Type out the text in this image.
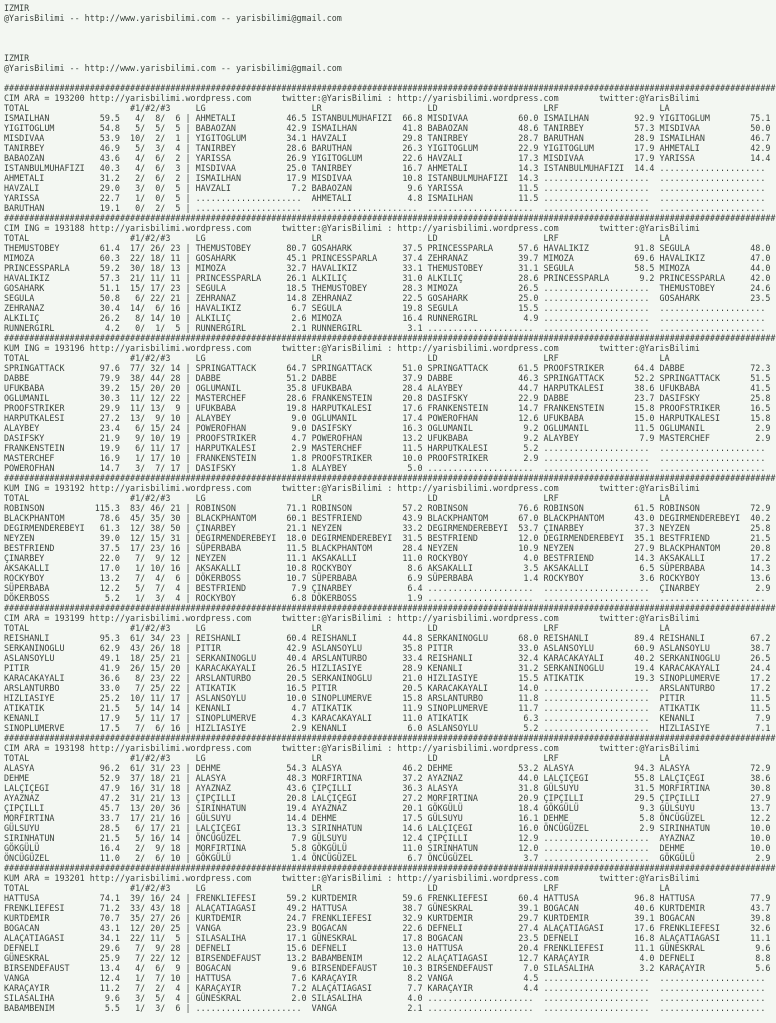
IZMIR
@YarisBilimi -- http://www.yarisbilimi.com -- yarisbilimi@gmail.com
IZMIR
@YarisBilimi -- http://www.yarisbilimi.com -- yarisbilimi@gmail.com
#########################################################################################################################################################
CIM ARA = 193200 http://yarisbilimi.wordpress.com      twitter:@YarisBilimi : http://yarisbilimi.wordpress.com        twitter:@YarisBilimi
TOTAL                    #1/#2/#3     LG                     LR                     LD                     LRF                    LA
ISMAILHAN          59.5   4/  8/  6 | AHMETALI          46.5 ISTANBULMUHAFIZI  66.8 MISDIVAA          60.0 ISMAILHAN         92.9 YIGITOGLUM        75.1
YIGITOGLUM         54.8   5/  5/  5 | BABAOZAN          42.9 ISMAILHAN         41.8 BABAOZAN          48.6 TANIRBEY          57.3 MISDIVAA          50.0
MISDIVAA           53.9  10/  2/  1 | YIGITOGLUM        34.1 HAVZALI           29.8 TANIRBEY          28.7 BARUTHAN          28.9 ISMAILHAN         46.7
TANIRBEY           46.9   5/  3/  4 | TANIRBEY          28.6 BARUTHAN          26.3 YIGITOGLUM        22.9 YIGITOGLUM        17.9 AHMETALI          42.9
BABAOZAN           43.6   4/  6/  2 | YARISSA           26.9 YIGITOGLUM        22.6 HAVZALI           17.3 MISDIVAA          17.9 YARISSA           14.4
ISTANBULMUHAFIZI   40.3   4/  6/  3 | MISDIVAA          25.0 TANIRBEY          16.7 AHMETALI          14.3 ISTANBULMUHAFIZI  14.4 .....................
AHMETALI           31.2   2/  6/  2 | ISMAILHAN         17.9 MISDIVAA          10.8 ISTANBULMUHAFIZI  14.3 .....................  .....................
HAVZALI            29.0   3/  0/  5 | HAVZALI            7.2 BABAOZAN           9.6 YARISSA           11.5 .....................  .....................
YARISSA            22.7   1/  0/  5 | .....................  AHMETALI           4.8 ISMAILHAN         11.5 .....................  .....................
BARUTHAN           19.1   0/  2/  5 | .....................  .....................  .....................  .....................  .....................
#########################################################################################################################################################
CIM ING = 193188 http://yarisbilimi.wordpress.com      twitter:@YarisBilimi : http://yarisbilimi.wordpress.com        twitter:@YarisBilimi
TOTAL                    #1/#2/#3     LG                     LR                     LD                     LRF                    LA
THEMUSTOBEY        61.4  17/ 26/ 23 | THEMUSTOBEY       80.7 GOSAHARK          37.5 PRINCESSPARLA     57.6 HAVALIKIZ         91.8 SEGULA            48.0
MIMOZA             60.3  22/ 18/ 11 | GOSAHARK          45.1 PRINCESSPARLA     37.4 ZEHRANAZ          39.7 MIMOZA            69.6 HAVALIKIZ         47.0
PRINCESSPARLA      59.2  30/ 18/ 13 | MIMOZA            32.7 HAVALIKIZ         33.1 THEMUSTOBEY       31.1 SEGULA            58.5 MIMOZA            44.0
HAVALIKIZ          57.3  21/ 11/ 11 | PRINCESSPARLA     26.1 ALKILIÇ           31.0 ALKILIÇ           28.6 PRINCESSPARLA      9.2 PRINCESSPARLA     42.0
GOSAHARK           51.1  15/ 17/ 23 | SEGULA            18.5 THEMUSTOBEY       28.3 MIMOZA            26.5 .....................  THEMUSTOBEY       24.6
SEGULA             50.8   6/ 22/ 21 | ZEHRANAZ          14.8 ZEHRANAZ          22.5 GOSAHARK          25.0 .....................  GOSAHARK          23.5
ZEHRANAZ           30.4  14/  6/ 16 | HAVALIKIZ          6.7 SEGULA            19.8 SEGULA            15.5 .....................  .....................
ALKILIÇ            26.2   8/ 14/ 10 | ALKILIÇ            2.6 MIMOZA            16.4 RUNNERGIRL         4.9 .....................  .....................
RUNNERGIRL          4.2   0/  1/  5 | RUNNERGIRL         2.1 RUNNERGIRL         3.1 .....................  .....................  .....................
#########################################################################################################################################################
KUM ING = 193196 http://yarisbilimi.wordpress.com      twitter:@YarisBilimi : http://yarisbilimi.wordpress.com        twitter:@YarisBilimi
TOTAL                    #1/#2/#3     LG                     LR                     LD                     LRF                    LA
SPRINGATTACK       97.6  77/ 32/ 14 | SPRINGATTACK      64.7 SPRINGATTACK      51.0 SPRINGATTACK      61.5 PROOFSTRIKER      64.4 DABBE             72.3
DABBE              79.9  38/ 44/ 28 | DABBE             51.2 DABBE             37.9 DABBE             46.3 SPRINGATTACK      52.2 SPRINGATTACK      51.5
UFUKBABA           39.2  15/ 20/ 20 | OGLUMANIL         35.8 UFUKBABA          28.4 ALAYBEY           44.7 HARPUTKALESI      38.6 UFUKBABA          41.5
OGLUMANIL          30.3  11/ 12/ 22 | MASTERCHEF        28.6 FRANKENSTEIN      20.8 DASIFSKY          22.9 DABBE             23.7 DASIFSKY          25.8
PROOFSTRIKER       29.9  11/ 13/  9 | UFUKBABA          19.8 HARPUTKALESI      17.6 FRANKENSTEIN      14.7 FRANKENSTEIN      15.8 PROOFSTRIKER      16.5
HARPUTKALESI       27.2  13/  9/ 10 | ALAYBEY            9.0 OGLUMANIL         17.4 POWEROFHAN        12.6 UFUKBABA          15.0 HARPUTKALESI      15.8
ALAYBEY            23.4   6/ 15/ 24 | POWEROFHAN         9.0 DASIFSKY          16.3 OGLUMANIL          9.2 OGLUMANIL         11.5 OGLUMANIL          2.9
DASIFSKY           21.9   9/ 10/ 19 | PROOFSTRIKER       4.7 POWEROFHAN        13.2 UFUKBABA           9.2 ALAYBEY            7.9 MASTERCHEF         2.9
FRANKENSTEIN       19.9   6/ 11/ 17 | HARPUTKALESI       2.9 MASTERCHEF        11.5 HARPUTKALESI       5.2 .....................  .....................
MASTERCHEF         16.9   1/ 17/ 10 | FRANKENSTEIN       1.8 PROOFSTRIKER      10.0 PROOFSTRIKER       2.9 .....................  .....................
POWEROFHAN         14.7   3/  7/ 17 | DASIFSKY           1.8 ALAYBEY            5.0 .....................  .....................  .....................
#########################################################################################################################################################
KUM ING = 193192 http://yarisbilimi.wordpress.com      twitter:@YarisBilimi : http://yarisbilimi.wordpress.com        twitter:@YarisBilimi
TOTAL                    #1/#2/#3     LG                     LR                     LD                     LRF                    LA
ROBINSON          115.3  83/ 46/ 21 | ROBINSON          71.1 ROBINSON          57.2 ROBINSON          76.6 ROBINSON          61.5 ROBINSON          72.9
BLACKPHANTOM       78.6  45/ 35/ 30 | BLACKPHANTOM      60.1 BESTFRIEND        43.9 BLACKPHANTOM      67.0 BLACKPHANTOM      43.0 DEGIRMENDEREBEYI  40.2
DEGIRMENDEREBEYI   61.3  12/ 38/ 50 | ÇINARBEY          21.1 NEYZEN            33.2 DEGIRMENDEREBEYI  53.7 ÇINARBEY          37.3 NEYZEN            25.8
NEYZEN             39.0  12/ 15/ 31 | DEGIRMENDEREBEYI  18.0 DEGIRMENDEREBEYI  31.5 BESTFRIEND        12.0 DEGIRMENDEREBEYI  35.1 BESTFRIEND        21.5
BESTFRIEND         37.5  17/ 23/ 16 | SÜPERBABA         11.5 BLACKPHANTOM      28.4 NEYZEN            10.9 NEYZEN            27.9 BLACKPHANTOM      20.8
ÇINARBEY           22.0   7/  9/ 12 | NEYZEN            11.1 AKSAKALLI         11.0 ROCKYBOY           4.0 BESTFRIEND        14.3 AKSAKALLI         17.2
AKSAKALLI          17.0   1/ 10/ 16 | AKSAKALLI         10.8 ROCKYBOY           8.6 AKSAKALLI          3.5 AKSAKALLI          6.5 SÜPERBABA         14.3
ROCKYBOY           13.2   7/  4/  6 | DÖKERBOSS         10.7 SÜPERBABA          6.9 SÜPERBABA          1.4 ROCKYBOY           3.6 ROCKYBOY          13.6
SÜPERBABA          12.2   5/  7/  4 | BESTFRIEND         7.9 ÇINARBEY           6.4 .....................  .....................  ÇINARBEY           2.9
DÖKERBOSS           5.2   1/  3/  4 | ROCKYBOY           6.8 DÖKERBOSS          1.9 .....................  .....................  .....................
#########################################################################################################################################################
CIM ARA = 193199 http://yarisbilimi.wordpress.com      twitter:@YarisBilimi : http://yarisbilimi.wordpress.com        twitter:@YarisBilimi
TOTAL                    #1/#2/#3     LG                     LR                     LD                     LRF                    LA
REISHANLI          95.3  61/ 34/ 23 | REISHANLI         60.4 REISHANLI         44.8 SERKANINOGLU      68.0 REISHANLI         89.4 REISHANLI         67.2
SERKANINOGLU       62.9  43/ 26/ 18 | PITIR             42.9 ASLANSOYLU        35.8 PITIR             33.0 ASLANSOYLU        60.9 ASLANSOYLU        38.7
ASLANSOYLU         49.1  18/ 25/ 21 | SERKANINOGLU      40.4 ARSLANTURBO       33.4 REISHANLI         32.4 KARACAKAYALI      40.2 SERKANINOGLU      26.5
PITIR              41.9  26/ 15/ 20 | KARACAKAYALI      26.5 HIZLIASIYE        28.9 KENANLI           31.2 SERKANINOGLU      19.4 KARACAKAYALI      24.4
KARACAKAYALI       36.6   8/ 23/ 22 | ARSLANTURBO       20.5 SERKANINOGLU      21.0 HIZLIASIYE        15.5 ATIKATIK          19.3 SINOPLUMERVE      17.2
ARSLANTURBO        33.0   7/ 25/ 22 | ATIKATIK          16.5 PITIR             20.5 KARACAKAYALI      14.0 .....................  ARSLANTURBO       17.2
HIZLIASIYE         25.2  10/ 11/ 17 | ASLANSOYLU        10.0 SINOPLUMERVE      15.8 ARSLANTURBO       11.8 .....................  PITIR             11.5
ATIKATIK           21.5   5/ 14/ 14 | KENANLI            4.7 ATIKATIK          11.9 SINOPLUMERVE      11.7 .....................  ATIKATIK          11.5
KENANLI            17.9   5/ 11/ 17 | SINOPLUMERVE       4.3 KARACAKAYALI      11.0 ATIKATIK           6.3 .....................  KENANLI            7.9
SINOPLUMERVE       17.5   7/  6/ 16 | HIZLIASIYE         2.9 KENANLI            6.0 ASLANSOYLU         5.2 .....................  HIZLIASIYE         7.1
#########################################################################################################################################################
CIM ARA = 193198 http://yarisbilimi.wordpress.com      twitter:@YarisBilimi : http://yarisbilimi.wordpress.com        twitter:@YarisBilimi
TOTAL                    #1/#2/#3     LG                     LR                     LD                     LRF                    LA
ALASYA             96.2  61/ 31/ 23 | DEHME             54.3 ALASYA            46.2 DEHME             53.2 ALASYA            94.3 ALASYA            72.9
DEHME              52.9  37/ 18/ 21 | ALASYA            48.3 MORFIRTINA        37.2 AYAZNAZ           44.0 LALÇIÇEGI         55.8 LALÇIÇEGI         38.6
LALÇIÇEGI          47.9  16/ 31/ 18 | AYAZNAZ           43.6 ÇIPÇILLI          36.3 ALASYA            31.8 GÜLSUYU           31.5 MORFIRTINA        30.8
AYAZNAZ            47.2  31/ 21/ 13 | ÇIPÇILLI          20.8 LALÇIÇEGI         27.2 MORFIRTINA        20.9 ÇIPÇILLI          29.5 ÇIPÇILLI          27.9
ÇIPÇILLI           45.7  13/ 20/ 36 | SIRINHATUN        19.4 AYAZNAZ           20.1 GÖKGÜLÜ           18.4 GÖKGÜLÜ            9.3 GÜLSUYU           13.7
MORFIRTINA         33.7  17/ 21/ 16 | GÜLSUYU           14.4 DEHME             17.5 GÜLSUYU           16.1 DEHME              5.8 ÖNCÜGÜZEL         12.2
GÜLSUYU            28.5   6/ 17/ 21 | LALÇIÇEGI         13.3 SIRINHATUN        14.6 LALÇIÇEGI         16.0 ÖNCÜGÜZEL          2.9 SIRINHATUN        10.0
SIRINHATUN         21.5   5/ 16/ 14 | ÖNCÜGÜZEL          7.9 GÜLSUYU           12.4 ÇIPÇILLI          12.9 .....................  AYAZNAZ           10.0
GÖKGÜLÜ            16.4   2/  9/ 18 | MORFIRTINA         5.8 GÖKGÜLÜ           11.0 SIRINHATUN        12.0 .....................  DEHME             10.0
ÖNCÜGÜZEL          11.0   2/  6/ 10 | GÖKGÜLÜ            1.4 ÖNCÜGÜZEL          6.7 ÖNCÜGÜZEL          3.7 .....................  GÖKGÜLÜ            2.9
#########################################################################################################################################################
KUM ARA = 193201 http://yarisbilimi.wordpress.com      twitter:@YarisBilimi : http://yarisbilimi.wordpress.com        twitter:@YarisBilimi
TOTAL                    #1/#2/#3     LG                     LR                     LD                     LRF                    LA
HATTUSA            74.1  39/ 16/ 24 | FRENKLIEFESI      59.2 KURTDEMIR         59.6 FRENKLIEFESI      60.4 HATTUSA           96.8 HATTUSA           77.9
FRENKLIEFESI       71.2  33/ 43/ 18 | ALAÇATIAGASI      49.2 HATTUSA           38.7 GÜNESKRAL         39.1 BOGACAN           40.6 KURTDEMIR         43.7
KURTDEMIR          70.7  35/ 27/ 26 | KURTDEMIR         24.7 FRENKLIEFESI      32.9 KURTDEMIR         29.7 KURTDEMIR         39.1 BOGACAN           39.8
BOGACAN            43.1  12/ 20/ 25 | VANGA             23.9 BOGACAN           22.6 DEFNELI           27.4 ALAÇATIAGASI      17.6 FRENKLIEFESI      32.6
ALAÇATIAGASI       34.1  22/ 11/  5 | SILASALIHA        17.1 GÜNESKRAL         17.8 BOGACAN           23.5 DEFNELI           16.8 ALAÇATIAGASI      11.1
DEFNELI            29.6   7/  9/ 28 | DEFNELI           15.6 DEFNELI           13.0 HATTUSA           20.4 FRENKLIEFESI      11.1 GÜNESKRAL          9.6
GÜNESKRAL          25.9   7/ 22/ 12 | BIRSENDEFAUST     13.2 BABAMBENIM        12.2 ALAÇATIAGASI      12.7 KARAÇAYIR          4.0 DEFNELI            8.8
BIRSENDEFAUST      13.4   4/  6/  9 | BOGACAN            9.6 BIRSENDEFAUST     10.3 BIRSENDEFAUST      7.0 SILASALIHA         3.2 KARAÇAYIR          5.6
VANGA              12.4   1/  7/ 10 | HATTUSA            7.6 KARAÇAYIR          8.2 VANGA              4.5 .....................  .....................
KARAÇAYIR          11.2   7/  2/  4 | KARAÇAYIR          7.2 ALAÇATIAGASI       7.7 KARAÇAYIR          4.4 .....................  .....................
SILASALIHA          9.6   3/  5/  4 | GÜNESKRAL          2.0 SILASALIHA         4.0 .....................  .....................  .....................
BABAMBENIM          5.5   1/  3/  6 | .....................  VANGA              2.1 .....................  .....................  .....................
